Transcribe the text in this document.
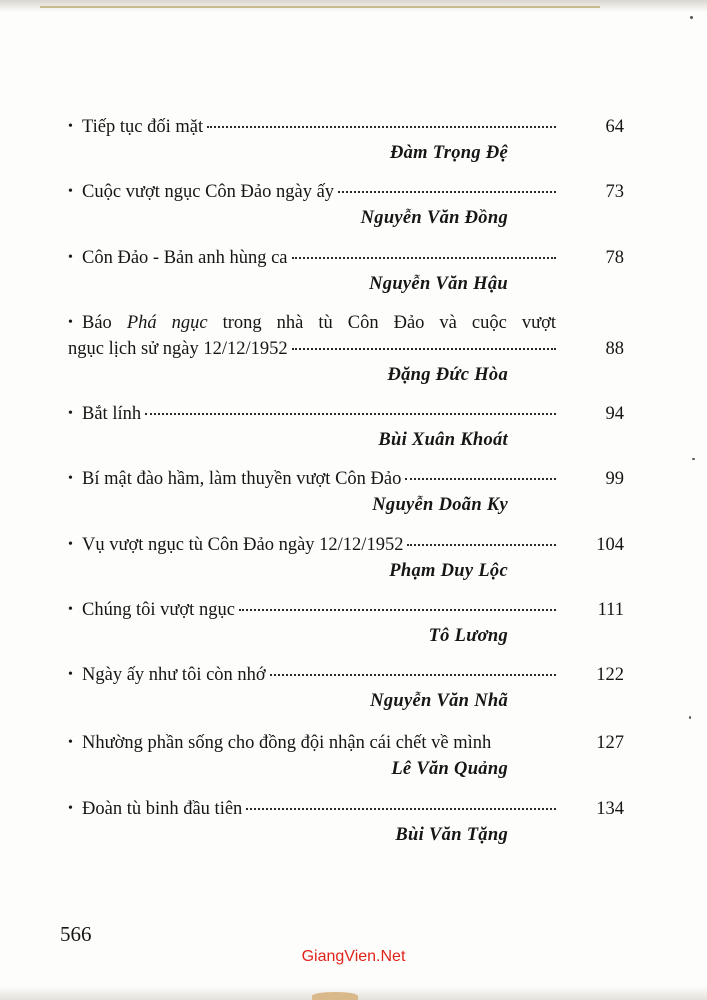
• Tiếp tục đối mặt	64
Đàm Trọng Đệ
• Cuộc vượt ngục Côn Đảo ngày ấy	73
Nguyễn Văn Đồng
• Côn Đảo - Bản anh hùng ca	78
Nguyễn Văn Hậu
• Báo Phá ngục trong nhà tù Côn Đảo và cuộc vượt
ngục lịch sử ngày 12/12/1952	88
Đặng Đức Hòa
• Bắt lính	94
Bùi Xuân Khoát
• Bí mật đào hầm, làm thuyền vượt Côn Đảo	99
Nguyễn Doãn Ky
• Vụ vượt ngục tù Côn Đảo ngày 12/12/1952	104
Phạm Duy Lộc
• Chúng tôi vượt ngục	111
Tô Lương
• Ngày ấy như tôi còn nhớ	122
Nguyễn Văn Nhã
• Nhường phần sống cho đồng đội nhận cái chết về mình	127
Lê Văn Quảng
• Đoàn tù binh đầu tiên	134
Bùi Văn Tặng
566
GiangVien.Net
